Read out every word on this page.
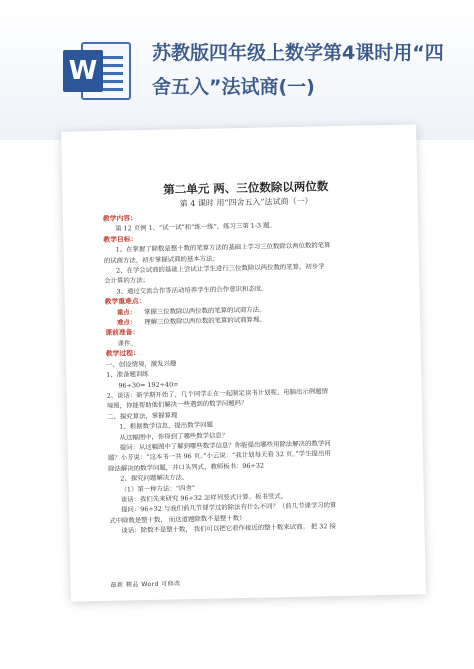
W
苏教版四年级上数学第4课时用“四舍五入”法试商(一)
第二单元 两、三位数除以两位数
第 4 课时 用“四舍五入”法试商（一）
教学内容：
第 12 页例 1、“试一试”和“练一练”，练习三第 1-3 题。
教学目标：
1、在掌握了除数是整十数的笔算方法的基础上学习三位数除以两位数的笔算
的试商方法，初步掌握试商的基本方法；
2、在学会试商的基础上尝试让学生进行三位数除以两位数的笔算，初步学
会计算的方法；
3、通过交流合作等活动培养学生的合作意识和态度。
教学重难点：
重点： 掌握三位数除以两位数的笔算的试商方法。
难点： 理解三位数除以两位数的笔算的试商算理。
课前准备：
课件。
教学过程：
一、创设情境，激发兴趣
1、准备题训练
96÷30= 192÷40=
2、谈话：新学期开始了，几个同学正在一起制定读书计划呢。电脑出示例题情
境图，你能帮助他们解决一些遇到的数学问题吗？
二、探究算法，掌握算理
1、根据数学信息，提出数学问题
从这幅图中，你得到了哪些数学信息？
提问：从这幅图中了解到哪些数学信息？你能提出哪些用除法解决的数学问
题？小芳说：“这本书一共 96 页。”小云说：“我计划每天看 32 页。”学生提出用
除法解决的数学问题，并口头列式，教师板书：96÷32
2、探究问题解决方法。
（1）第一种方法：“四舍”
谈话：我们先来研究 96÷32 怎样列竖式计算。板书竖式。
提问：96÷32 与我们前几节课学过的除法有什么不同？（前几节课学习的算
式中除数是整十数， 而这道题除数不是整十数）
谈话：除数不是整十数， 我们可以把它看作接近的整十数来试商。 把 32 接
最新 精品 Word 可修改
